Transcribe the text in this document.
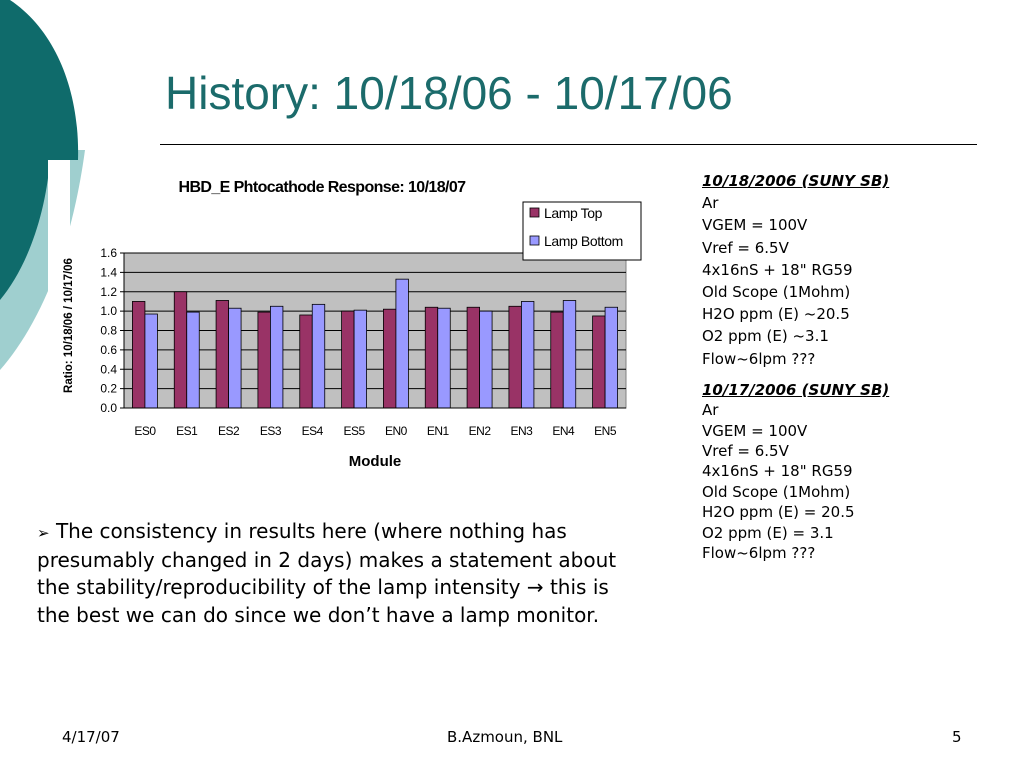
History: 10/18/06 - 10/17/06
0.0
0.2
0.4
0.6
0.8
1.0
1.2
1.4
1.6
ES0 ES1 ES2 ES3 ES4 ES5 EN0 EN1 EN2 EN3 EN4 EN5
HBD_E Phtocathode Response: 10/18/07
Module
Ratio: 10/18/06 / 10/17/06
Lamp Top
Lamp Bottom
10/18/2006 (SUNY SB)
Ar
VGEM = 100V
Vref = 6.5V
4x16nS + 18" RG59
Old Scope (1Mohm)
H2O ppm (E) ~20.5
O2 ppm (E) ~3.1
Flow~6lpm ???
10/17/2006 (SUNY SB)
Ar
VGEM = 100V
Vref = 6.5V
4x16nS + 18" RG59
Old Scope (1Mohm)
H2O ppm (E) = 20.5
O2 ppm (E) = 3.1
Flow~6lpm ???
➢ The consistency in results here (where nothing has presumably changed in 2 days) makes a statement about the stability/reproducibility of the lamp intensity → this is the best we can do since we don’t have a lamp monitor.
4/17/07	B.Azmoun, BNL	5
